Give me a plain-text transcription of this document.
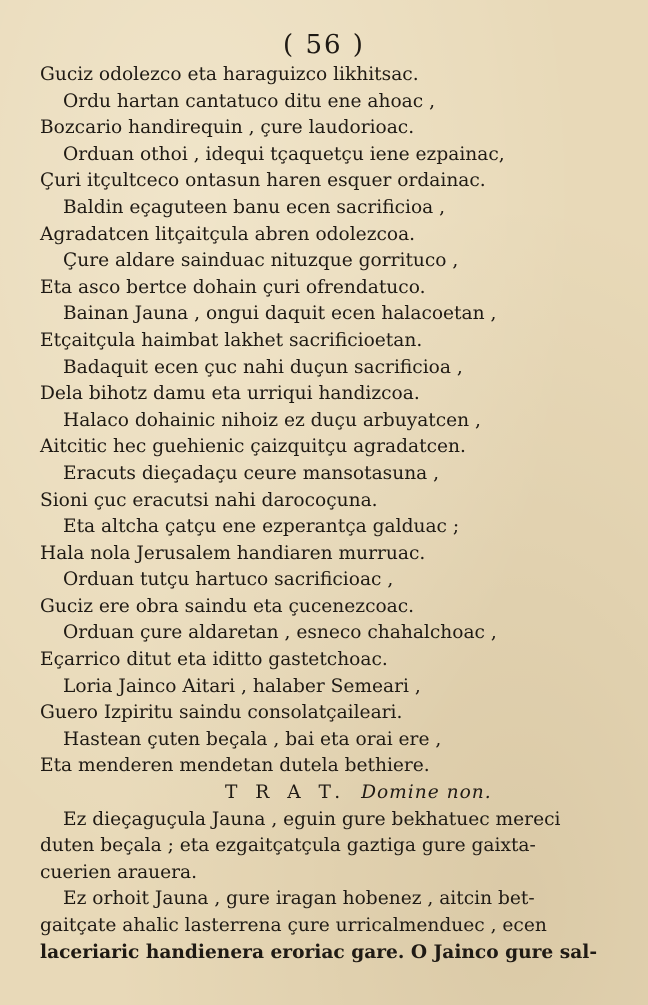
( 56 )
Guciz odolezco eta haraguizco likhitsac.
Ordu hartan cantatuco ditu ene ahoac ,
Bozcario handirequin , çure laudorioac.
Orduan othoi , idequi tçaquetçu iene ezpainac,
Çuri itçultceco ontasun haren esquer ordainac.
Baldin eçaguteen banu ecen sacrificioa ,
Agradatcen litçaitçula abren odolezcoa.
Çure aldare sainduac nituzque gorrituco ,
Eta asco bertce dohain çuri ofrendatuco.
Bainan Jauna , ongui daquit ecen halacoetan ,
Etçaitçula haimbat lakhet sacrificioetan.
Badaquit ecen çuc nahi duçun sacrificioa ,
Dela bihotz damu eta urriqui handizcoa.
Halaco dohainic nihoiz ez duçu arbuyatcen ,
Aitcitic hec guehienic çaizquitçu agradatcen.
Eracuts dieçadaçu ceure mansotasuna ,
Sioni çuc eracutsi nahi darocoçuna.
Eta altcha çatçu ene ezperantça galduac ;
Hala nola Jerusalem handiaren murruac.
Orduan tutçu hartuco sacrificioac ,
Guciz ere obra saindu eta çucenezcoac.
Orduan çure aldaretan , esneco chahalchoac ,
Eçarrico ditut eta iditto gastetchoac.
Loria Jainco Aitari , halaber Semeari ,
Guero Izpiritu saindu consolatçaileari.
Hastean çuten beçala , bai eta orai ere ,
Eta menderen mendetan dutela bethiere.
T R A T. Domine non.
Ez dieçaguçula Jauna , eguin gure bekhatuec mereci
duten beçala ; eta ezgaitçatçula gaztiga gure gaixta-
cuerien arauera.
Ez orhoit Jauna , gure iragan hobenez , aitcin bet-
gaitçate ahalic lasterrena çure urricalmenduec , ecen
laceriaric handienera eroriac gare. O Jainco gure sal-
